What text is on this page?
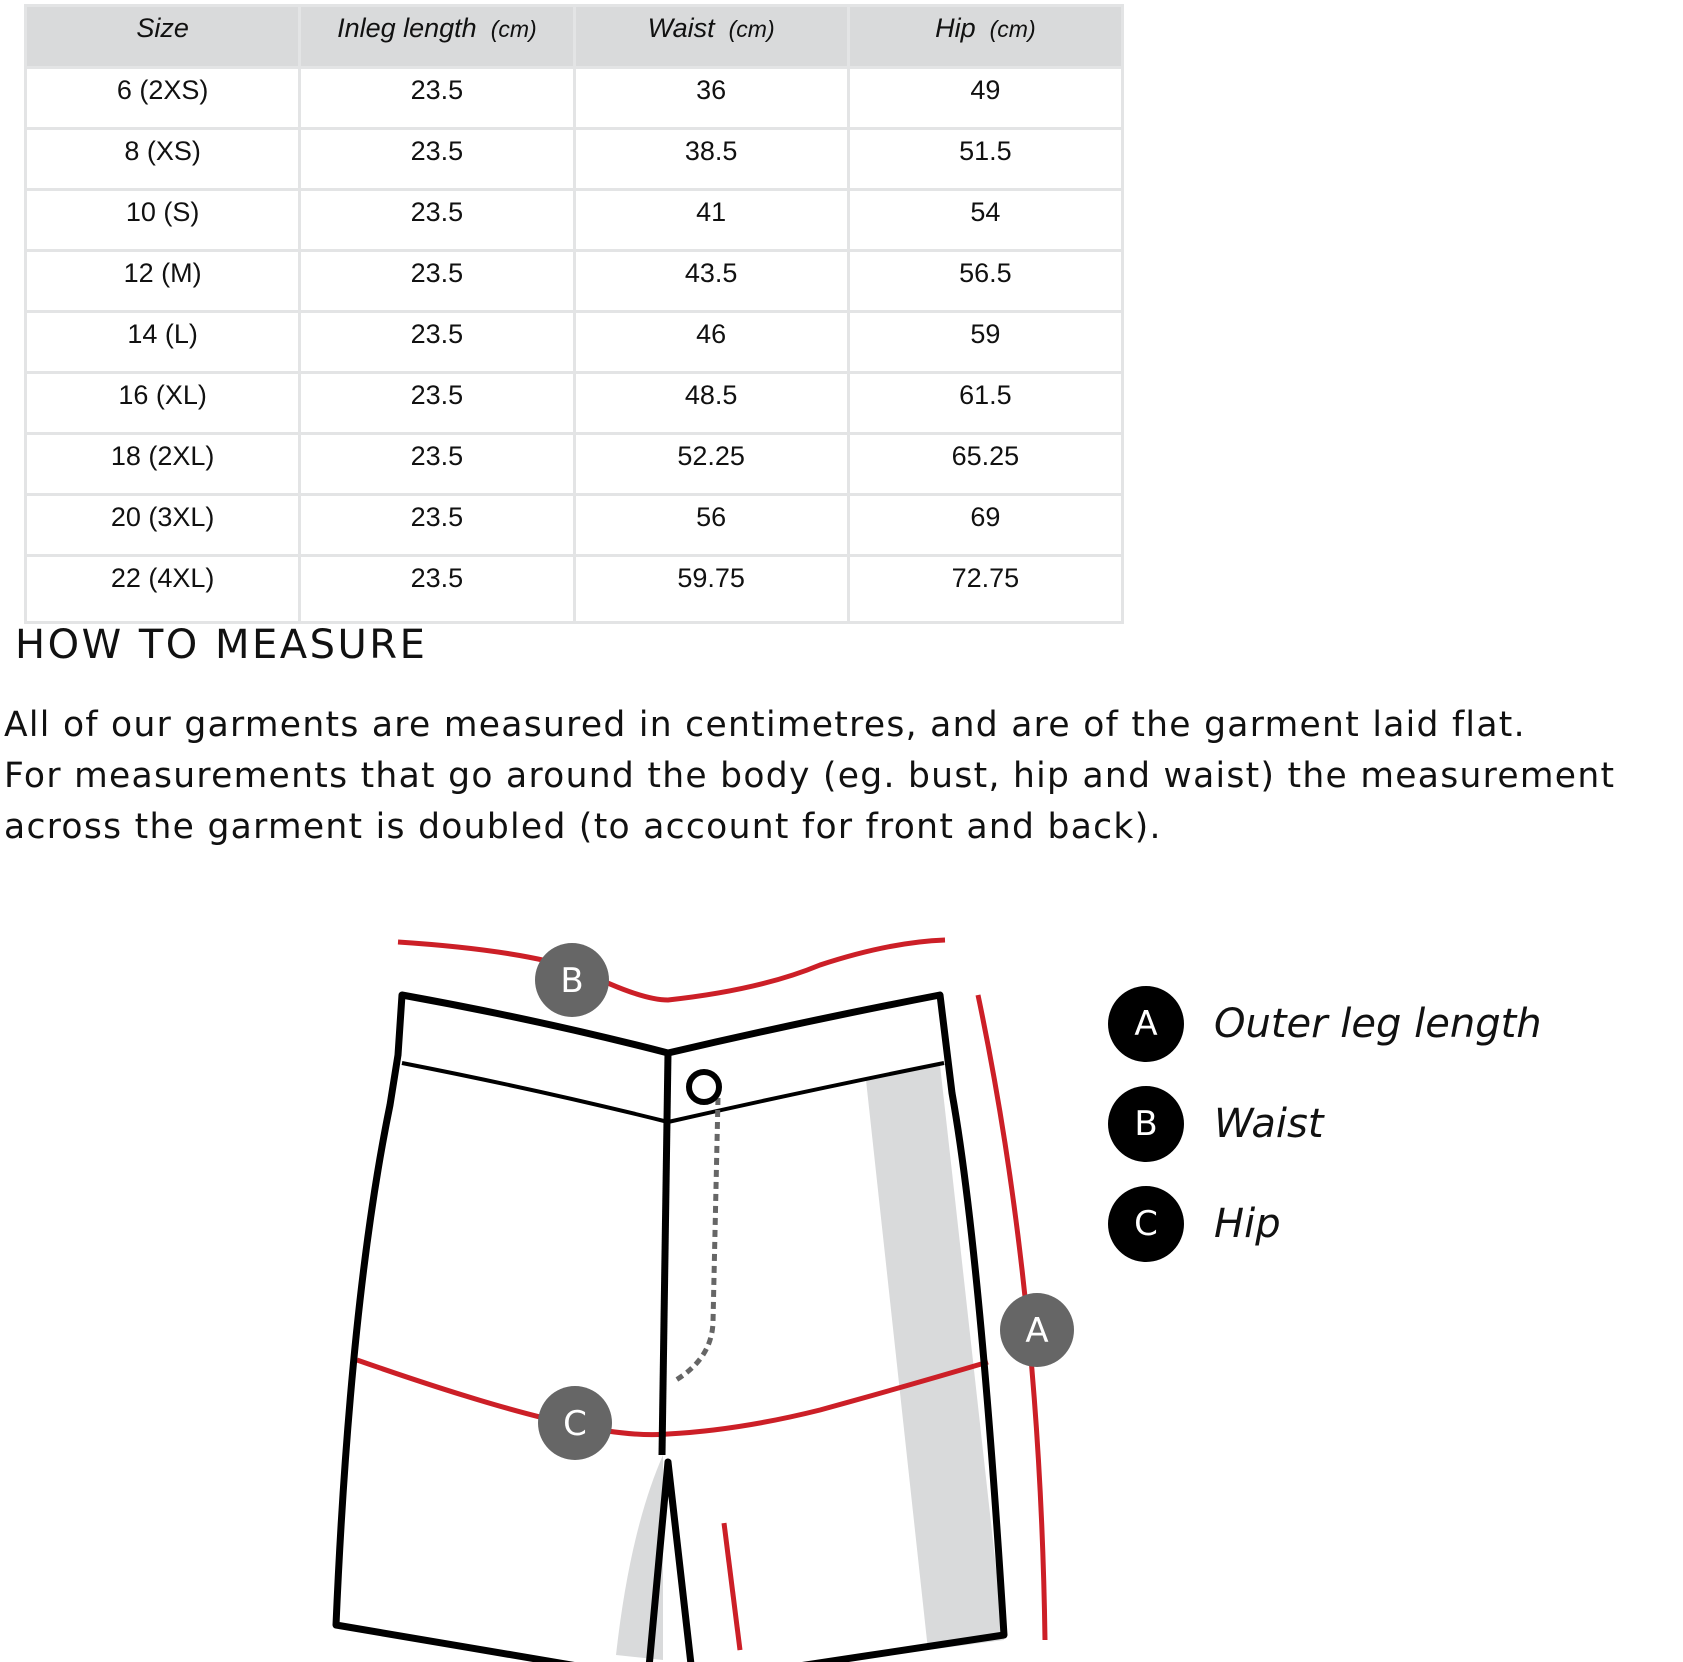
Size	Inleg length (cm)	Waist (cm)	Hip (cm)
6 (2XS)	23.5	36	49
8 (XS)	23.5	38.5	51.5
10 (S)	23.5	41	54
12 (M)	23.5	43.5	56.5
14 (L)	23.5	46	59
16 (XL)	23.5	48.5	61.5
18 (2XL)	23.5	52.25	65.25
20 (3XL)	23.5	56	69
22 (4XL)	23.5	59.75	72.75
HOW TO MEASURE

All of our garments are measured in centimetres, and are of the garment laid flat.
For measurements that go around the body (eg. bust, hip and waist) the measurement
across the garment is doubled (to account for front and back).

B
A
C
A	Outer leg length
B	Waist
C	Hip
